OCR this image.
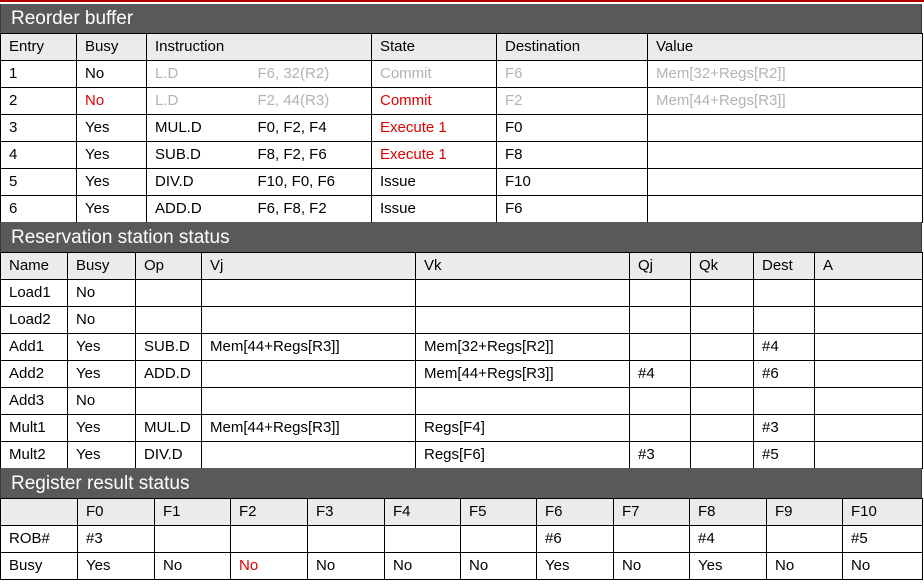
Reorder buffer
Entry	Busy	Instruction		State	Destination	Value
1	No	L.D	F6, 32(R2)	Commit	F6	Mem[32+Regs[R2]]
2	No	L.D	F2, 44(R3)	Commit	F2	Mem[44+Regs[R3]]
3	Yes	MUL.D	F0, F2, F4	Execute 1	F0	
4	Yes	SUB.D	F8, F2, F6	Execute 1	F8	
5	Yes	DIV.D	F10, F0, F6	Issue	F10	
6	Yes	ADD.D	F6, F8, F2	Issue	F6	
Reservation station status
Name	Busy	Op	Vj	Vk	Qj	Qk	Dest	A
Load1	No							
Load2	No							
Add1	Yes	SUB.D	Mem[44+Regs[R3]]	Mem[32+Regs[R2]]			#4	
Add2	Yes	ADD.D		Mem[44+Regs[R3]]	#4		#6	
Add3	No							
Mult1	Yes	MUL.D	Mem[44+Regs[R3]]	Regs[F4]			#3	
Mult2	Yes	DIV.D		Regs[F6]	#3		#5	
Register result status
	F0	F1	F2	F3	F4	F5	F6	F7	F8	F9	F10
ROB#	#3						#6		#4		#5
Busy	Yes	No	No	No	No	No	Yes	No	Yes	No	No
